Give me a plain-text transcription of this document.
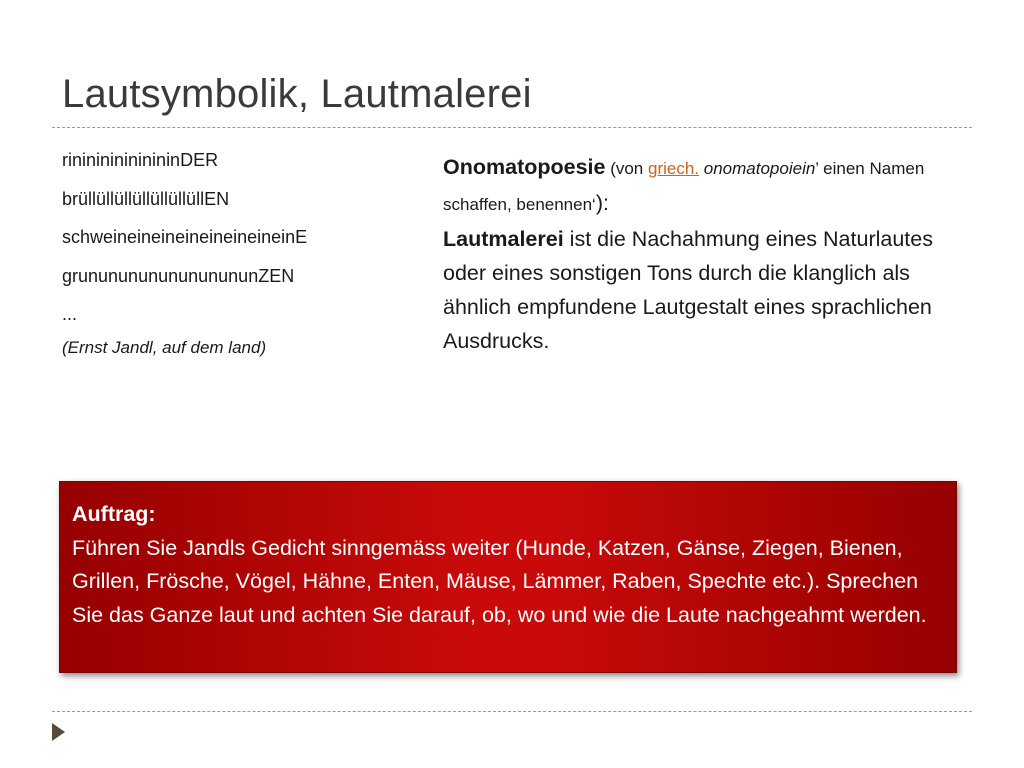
Lautsymbolik, Lautmalerei
rininininininininDER
brüllüllüllüllüllüllüllEN
schweineineineineineineineinE
grunununununununununZEN
...
(Ernst Jandl, auf dem land)
Onomatopoesie (von griech. onomatopoiein’ einen Namen schaffen, benennen‘):
Lautmalerei ist die Nachahmung eines Naturlautes oder eines sonstigen Tons durch die klanglich als ähnlich empfundene Lautgestalt eines sprachlichen Ausdrucks.
Auftrag:
Führen Sie Jandls Gedicht sinngemäss weiter (Hunde, Katzen, Gänse, Ziegen, Bienen, Grillen, Frösche, Vögel, Hähne, Enten, Mäuse, Lämmer, Raben, Spechte etc.). Sprechen Sie das Ganze laut und achten Sie darauf, ob, wo und wie die Laute nachgeahmt werden.
